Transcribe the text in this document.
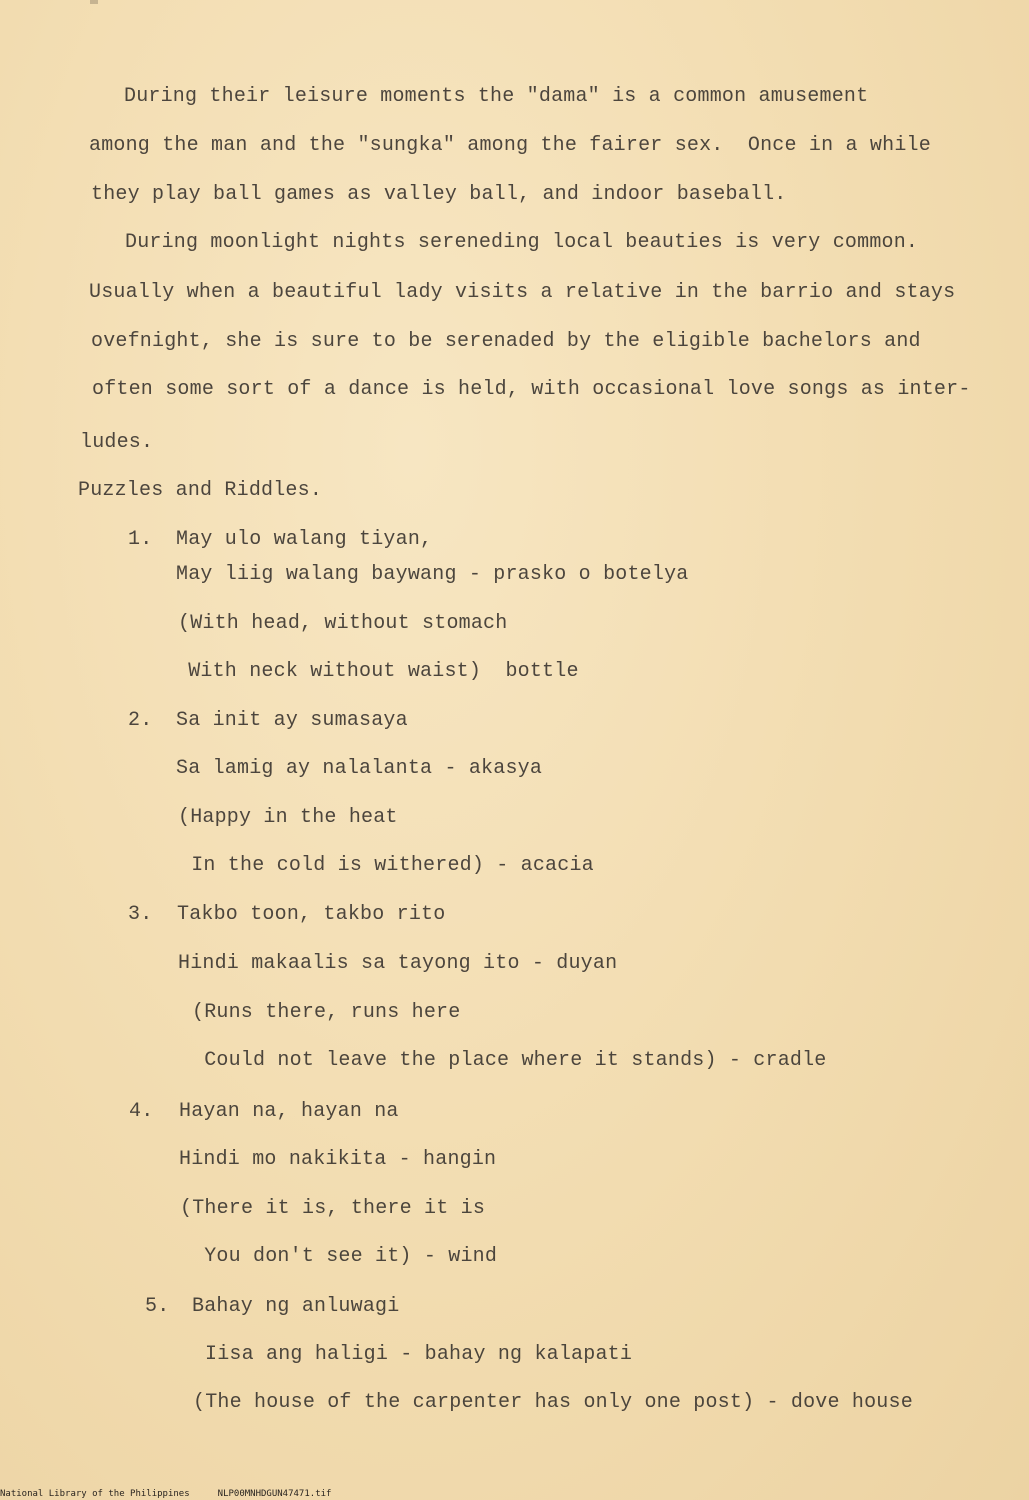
During their leisure moments the "dama" is a common amusement
among the man and the "sungka" among the fairer sex.  Once in a while
they play ball games as valley ball, and indoor baseball.
During moonlight nights sereneding local beauties is very common.
Usually when a beautiful lady visits a relative in the barrio and stays
ovefnight, she is sure to be serenaded by the eligible bachelors and
often some sort of a dance is held, with occasional love songs as inter-
ludes.
Puzzles and Riddles.
1. May ulo walang tiyan,
May liig walang baywang - prasko o botelya
(With head, without stomach
With neck without waist)  bottle
2. Sa init ay sumasaya
Sa lamig ay nalalanta - akasya
(Happy in the heat
In the cold is withered) - acacia
3. Takbo toon, takbo rito
Hindi makaalis sa tayong ito - duyan
(Runs there, runs here
Could not leave the place where it stands) - cradle
4. Hayan na, hayan na
Hindi mo nakikita - hangin
(There it is, there it is
You don't see it) - wind
5. Bahay ng anluwagi
Iisa ang haligi - bahay ng kalapati
(The house of the carpenter has only one post) - dove house
National Library of the Philippines	NLP00MNHDGUN47471.tif
